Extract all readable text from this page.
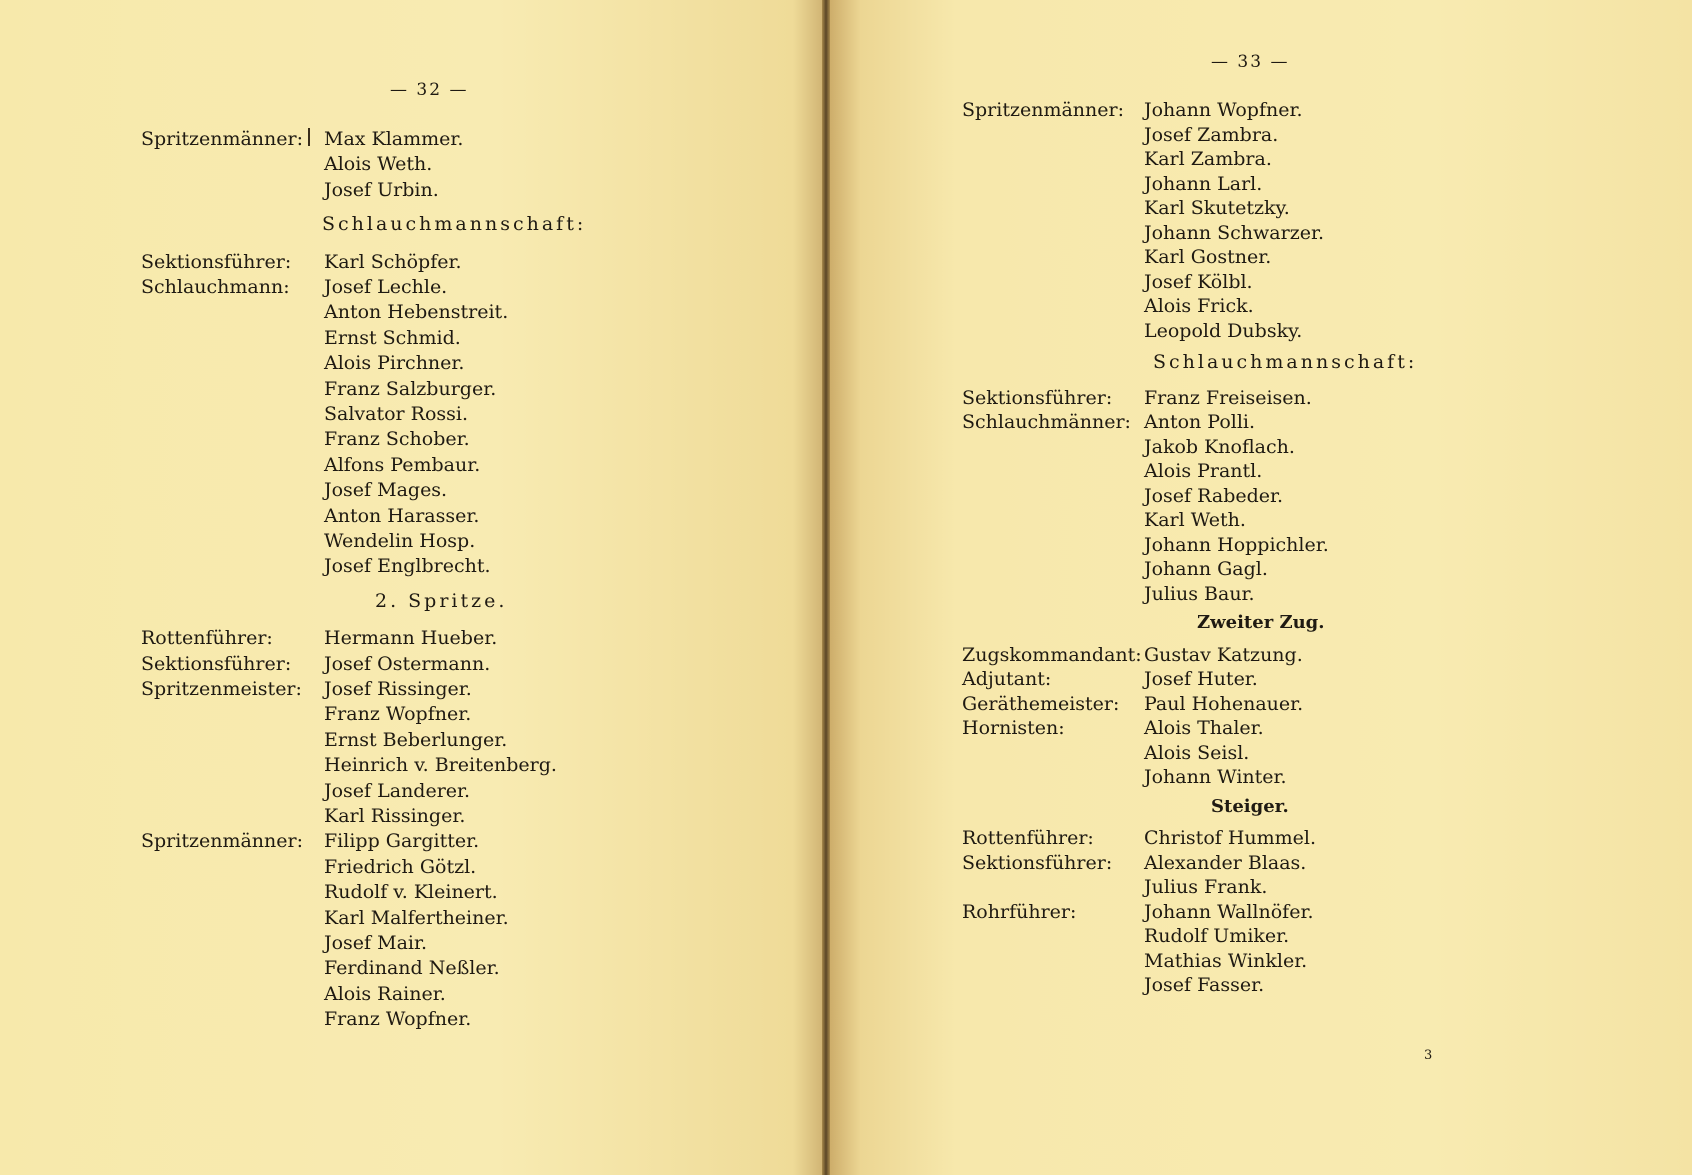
— 32 —
Spritzenmänner: Max Klammer.
Alois Weth.
Josef Urbin.
Schlauchmannschaft:
Sektionsführer: Karl Schöpfer.
Schlauchmann: Josef Lechle.
Anton Hebenstreit.
Ernst Schmid.
Alois Pirchner.
Franz Salzburger.
Salvator Rossi.
Franz Schober.
Alfons Pembaur.
Josef Mages.
Anton Harasser.
Wendelin Hosp.
Josef Englbrecht.
2. Spritze.
Rottenführer:	Hermann Hueber.
Sektionsführer: Josef Ostermann.
Spritzenmeister: Josef Rissinger.
Franz Wopfner.
Ernst Beberlunger.
Heinrich v. Breitenberg.
Josef Landerer.
Karl Rissinger.
Spritzenmänner: Filipp Gargitter.
Friedrich Götzl.
Rudolf v. Kleinert.
Karl Malfertheiner.
Josef Mair.
Ferdinand Neßler.
Alois Rainer.
Franz Wopfner.
— 33 —
Spritzenmänner: Johann Wopfner.
Josef Zambra.
Karl Zambra.
Johann Larl.
Karl Skutetzky.
Johann Schwarzer.
Karl Gostner.
Josef Kölbl.
Alois Frick.
Leopold Dubsky.
Schlauchmannschaft:
Sektionsführer: Franz Freiseisen.
Schlauchmänner: Anton Polli.
Jakob Knoflach.
Alois Prantl.
Josef Rabeder.
Karl Weth.
Johann Hoppichler.
Johann Gagl.
Julius Baur.
Zweiter Zug.
Zugskommandant: Gustav Katzung.
Adjutant:	Josef Huter.
Geräthemeister: Paul Hohenauer.
Hornisten:	Alois Thaler.
Alois Seisl.
Johann Winter.
Steiger.
Rottenführer:	Christof Hummel.
Sektionsführer: Alexander Blaas.
Julius Frank.
Rohrführer:	Johann Wallnöfer.
Rudolf Umiker.
Mathias Winkler.
Josef Fasser.
3
